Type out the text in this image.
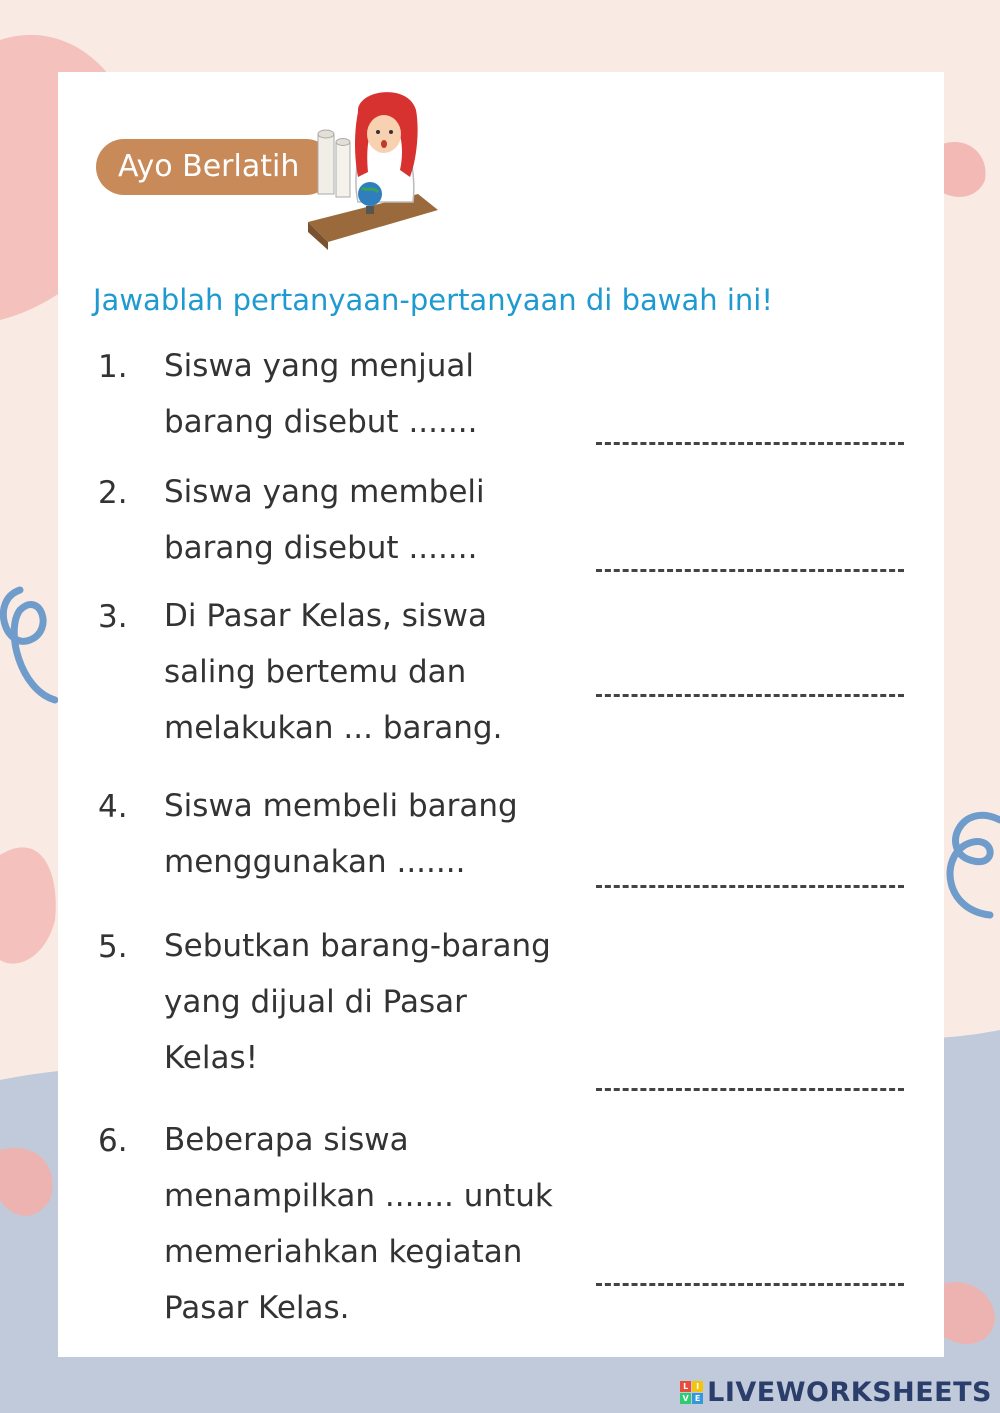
Ayo Berlatih

Jawablah pertanyaan-pertanyaan di bawah ini!

1.	Siswa yang menjual
barang disebut .......
2.	Siswa yang membeli
barang disebut .......
3.	Di Pasar Kelas, siswa
saling bertemu dan
melakukan ... barang.
4.	Siswa membeli barang
menggunakan .......
5.	Sebutkan barang-barang
yang dijual di Pasar
Kelas!
6.	Beberapa siswa
menampilkan ....... untuk
memeriahkan kegiatan
Pasar Kelas.
L I
V E LIVEWORKSHEETS
